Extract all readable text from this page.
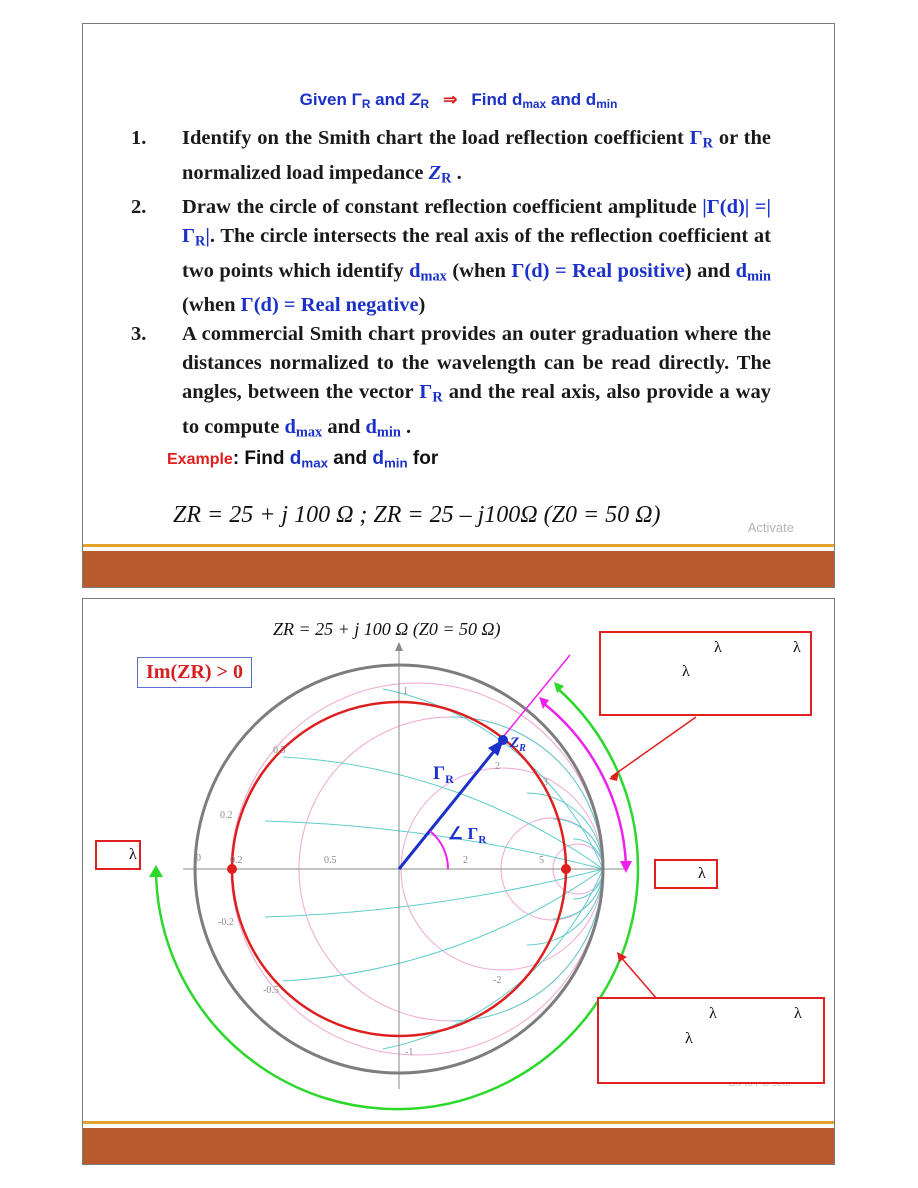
Given $\Gamma_R$ and $Z_R$ ⇒ Find $d_{max}$ and $d_{min}$
1.	Identify on the Smith chart the load reflection coefficient $\Gamma_R$ or the normalized load impedance $Z_R$ .
2.	Draw the circle of constant reflection coefficient amplitude $|\Gamma(d)| =|\Gamma_R|$. The circle intersects the real axis of the reflection coefficient at two points which identify $d_{max}$ (when Γ(d) = Real positive) and $d_{min}$ (when Γ(d) = Real negative)
3.	A commercial Smith chart provides an outer graduation where the distances normalized to the wavelength can be read directly. The angles, between the vector $\Gamma_R$ and the real axis, also provide a way to compute $d_{max}$ and $d_{min}$ .
Example: Find $d_{max}$ and $d_{min}$ for
ZR = 25 + j 100 Ω ; ZR = 25 – j100Ω (Z0 = 50 Ω)	Activate
ZR = 25 + j 100 Ω (Z0 = 50 Ω)
Im(ZR) > 0
0	0.2	0.5	2	5
1
0.2
-0.2
-1
-2
3
2
0.5
-0.5
$\Gamma_R$
∠ $\Gamma_R$
$Z_R$
λ	λ
λ
λ
λ
λ	λ
λ
